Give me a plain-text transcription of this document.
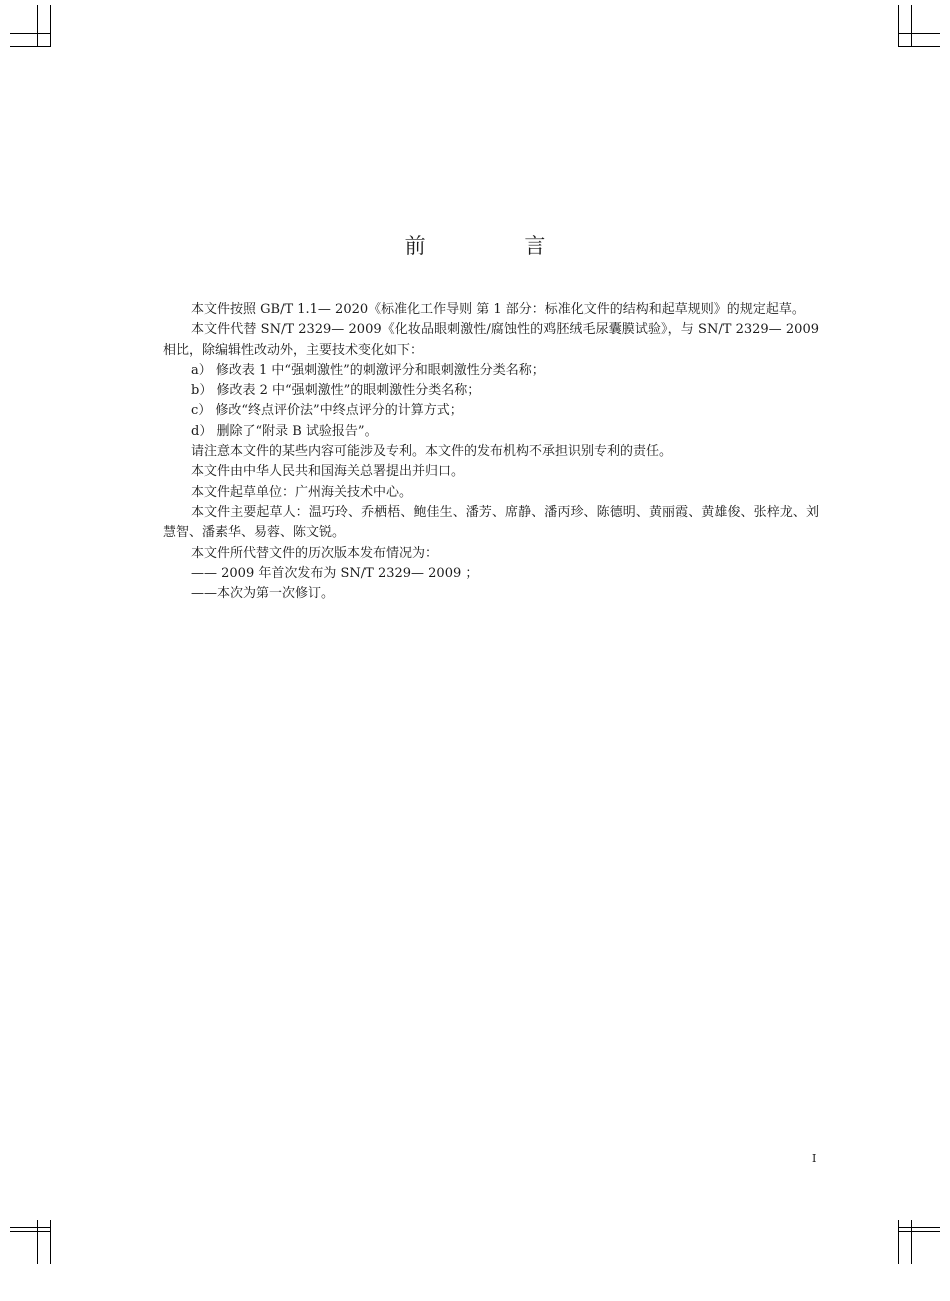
前 言

本文件按照 GB/T 1.1— 2020《标准化工作导则 第 1 部分：标准化文件的结构和起草规则》的规定起草。

本文件代替 SN/T 2329— 2009《化妆品眼刺激性/腐蚀性的鸡胚绒毛尿囊膜试验》，与 SN/T 2329— 2009 相比，除编辑性改动外，主要技术变化如下：

a） 修改表 1 中“强刺激性”的刺激评分和眼刺激性分类名称；

b） 修改表 2 中“强刺激性”的眼刺激性分类名称；

c） 修改“终点评价法”中终点评分的计算方式；

d） 删除了“附录 B 试验报告”。

请注意本文件的某些内容可能涉及专利。本文件的发布机构不承担识别专利的责任。

本文件由中华人民共和国海关总署提出并归口。

本文件起草单位：广州海关技术中心。

本文件主要起草人：温巧玲、乔栖梧、鲍佳生、潘芳、席静、潘丙珍、陈德明、黄丽霞、黄雄俊、张梓龙、刘慧智、潘素华、易蓉、陈文锐。

本文件所代替文件的历次版本发布情况为：

—— 2009 年首次发布为 SN/T 2329— 2009 ；

——本次为第一次修订。

I
